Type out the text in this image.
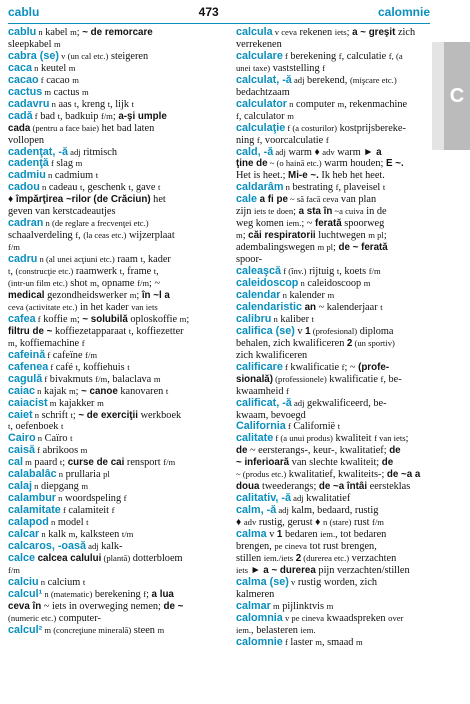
cablu	473	calomnie
C

cablu n kabel m; ~ de remorcare

sleepkabel m

cabra (se) v (un cal etc.) steigeren

caca n keutel m

cacao f cacao m

cactus m cactus m

cadavru n aas t, kreng t, lijk t

cadă f bad t, badkuip f/m; a-şi umple

cada (pentru a face baie) het bad laten

vollopen

cadenţat, -ă adj ritmisch

cadenţă f slag m

cadmiu n cadmium t

cadou n cadeau t, geschenk t, gave t

♦ împărţirea ~rilor (de Crăciun) het

geven van kerstcadeautjes

cadran n (de reglare a frecvenţei etc.)

schaalverdeling f, (la ceas etc.) wijzerplaat

f/m

cadru n (al unei acţiuni etc.) raam t, kader

t, (construcţie etc.) raamwerk t, frame t,

(intr-un film etc.) shot m, opname f/m; ~

medical gezondheidswerker m; în ~l a

ceva (activitate etc.) in het kader van iets

cafea f koffie m; ~ solubilă oploskoffie m;

filtru de ~ koffiezetapparaat t, koffiezetter

m, koffiemachine f

cafeină f cafeïne f/m

cafenea f café t, koffiehuis t

cagulă f bivakmuts f/m, balaclava m

caiac n kajak m; ~ canoe kanovaren t

caiacist m kajakker m

caiet n schrift t; ~ de exerciţii werkboek

t, oefenboek t

Cairo n Caïro t

caisă f abrikoos m

cal m paard t; curse de cai rensport f/m

calabalâc n prullaria pl

calaj n diepgang m

calambur n woordspeling f

calamitate f calamiteit f

calapod n model t

calcar n kalk m, kalksteen t/m

calcaros, -oasă adj kalk-

calce calcea calului (plantă) dotterbloem

f/m

calciu n calcium t

calcul¹ n (matematic) berekening f; a lua

ceva în ~ iets in overweging nemen; de ~

(numeric etc.) computer-

calcul² m (concreţiune minerală) steen m

calcula v ceva rekenen iets; a ~ greşit zich

verrekenen

calculare f berekening f, calculatie f, (a

unei taxe) vaststelling f

calculat, -ă adj berekend, (mişcare etc.)

bedachtzaam

calculator n computer m, rekenmachine

f, calculator m

calculaţie f (a costurilor) kostprijsbereke-

ning f, voorcalculatie f

cald, -ă adj warm ♦ adv warm ► a

ţine de ~ (o haină etc.) warm houden; E ~.

Het is heet.; Mi-e ~. Ik heb het heet.

caldarâm n bestrating f, plaveisel t

cale a fi pe ~ să facă ceva van plan

zijn iets te doen; a sta în ~a cuiva in de

weg komen iem.; ~ ferată spoorweg

m; căi respiratorii luchtwegen m pl;

adembalingswegen m pl; de ~ ferată

spoor-

caleaşcă f (înv.) rijtuig t, koets f/m

caleidoscop n caleidoscoop m

calendar n kalender m

calendaristic an ~ kalenderjaar t

calibru n kaliber t

califica (se) v 1 (profesional) diploma

behalen, zich kwalificeren 2 (un sportiv)

zich kwalificeren

calificare f kwalificatie f; ~ (profe-

sională) (professionele) kwalificatie f, be-

kwaamheid f

calificat, -ă adj gekwalificeerd, be-

kwaam, bevoegd

California f Californië t

calitate f (a unui produs) kwaliteit f van iets;

de ~ eersterangs-, keur-, kwalitatief; de

~ inferioară van slechte kwaliteit; de

~ (produs etc.) kwalitatief, kwaliteits-; de ~a a

doua tweederangs; de ~a întâi eersteklas

calitativ, -ă adj kwalitatief

calm, -ă adj kalm, bedaard, rustig

♦ adv rustig, gerust ♦ n (stare) rust f/m

calma v 1 bedaren iem., tot bedaren

brengen, pe cineva tot rust brengen,

stillen iem./iets 2 (durerea etc.) verzachten

iets ► a ~ durerea pijn verzachten/stillen

calma (se) v rustig worden, zich

kalmeren

calmar m pijlinktvis m

calomnia v pe cineva kwaadspreken over

iem., belasteren iem.

calomnie f laster m, smaad m
